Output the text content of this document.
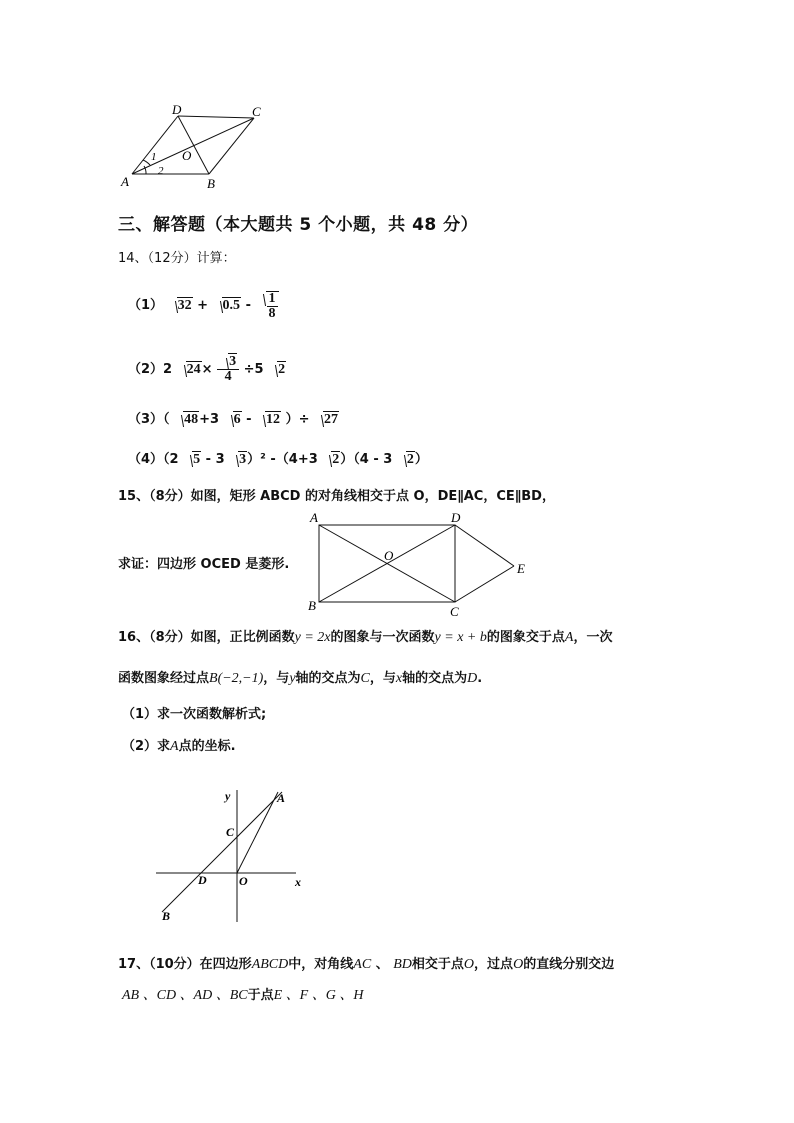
D	C
O
A	B
1
2
三、解答题（本大题共 5 个小题，共 48 分）
14、（12分）计算：
（1） $32 + 0.5 - \frac{1}{8}$
（2）2 $24\times \frac{3}{4} \div 5$ 2
（3）（ 48+3 6 - 12 ）÷ 27
（4）（2 5 - 3 3）² -（4+3 2）（4 - 3 2）
15、（8分）如图，矩形 ABCD 的对角线相交于点 O，DE∥AC，CE∥BD，
求证：四边形 OCED 是菱形.
A	D
O
E
B	C
16、（8分）如图，正比例函数y = 2x的图象与一次函数y = x + b的图象交于点A，一次
函数图象经过点B(−2,−1)，与y轴的交点为C，与x轴的交点为D.
（1）求一次函数解析式;
（2）求A点的坐标.
y	A
C
D	O	x
B
17、（10分）在四边形ABCD中，对角线AC 、 BD相交于点O，过点O的直线分别交边
AB 、CD 、AD 、BC于点E 、F 、G 、H
